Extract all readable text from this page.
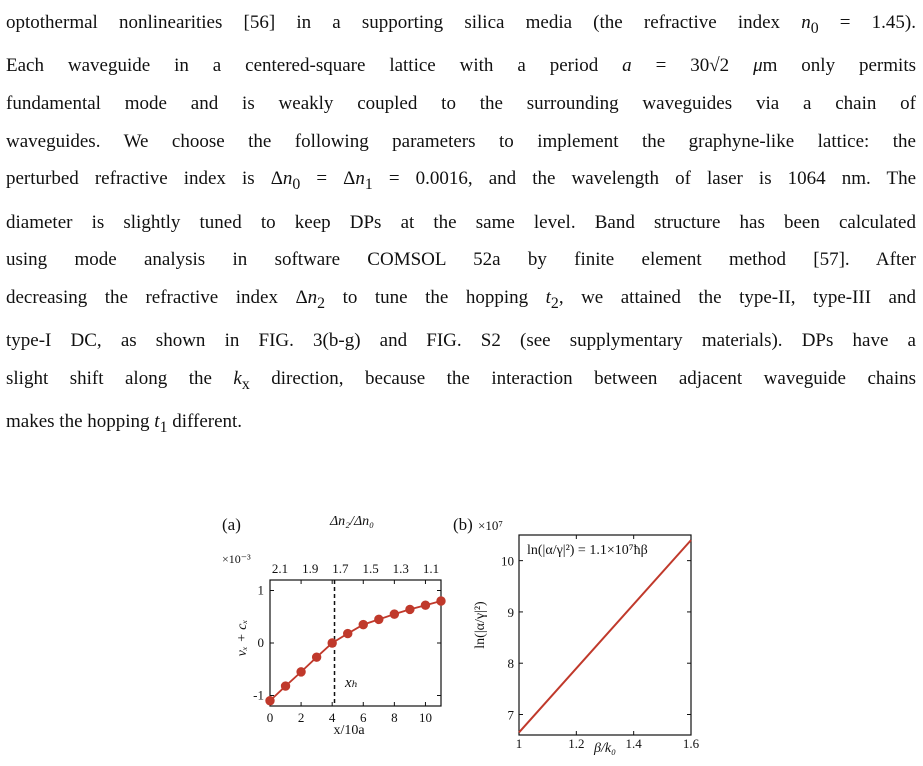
optothermal nonlinearities [56] in a supporting silica media (the refractive index $n_0 = 1.45$).
Each waveguide in a centered-square lattice with a period a = 30√2 μm only permits
fundamental mode and is weakly coupled to the surrounding waveguides via a chain of
waveguides. We choose the following parameters to implement the graphyne-like lattice: the
perturbed refractive index is $\Delta n_0 = \Delta n_1 = 0.0016$, and the wavelength of laser is 1064 nm. The
diameter is slightly tuned to keep DPs at the same level. Band structure has been calculated
using mode analysis in software COMSOL 52a by finite element method [57]. After
decreasing the refractive index $\Delta n_2$ to tune the hopping $t_2$, we attained the type-II, type-III and
type-I DC, as shown in FIG. 3(b-g) and FIG. S2 (see supplymentary materials). DPs have a
slight shift along the $k_x$ direction, because the interaction between adjacent waveguide chains
makes the hopping $t_1$ different.
(a)	Δn₂/Δn₀
×10⁻³
vₓ + cₓ
x/10a
xₕ
0 2 4 6 8 10
-1
0
1
2.1 1.9 1.7 1.5 1.3 1.1
(b) ×10⁷
ln(|α/γ|²) = 1.1×10⁷ħβ
ln(|α/γ|²)
β/k₀
1	1.2	1.4	1.6
7
8
9
10
